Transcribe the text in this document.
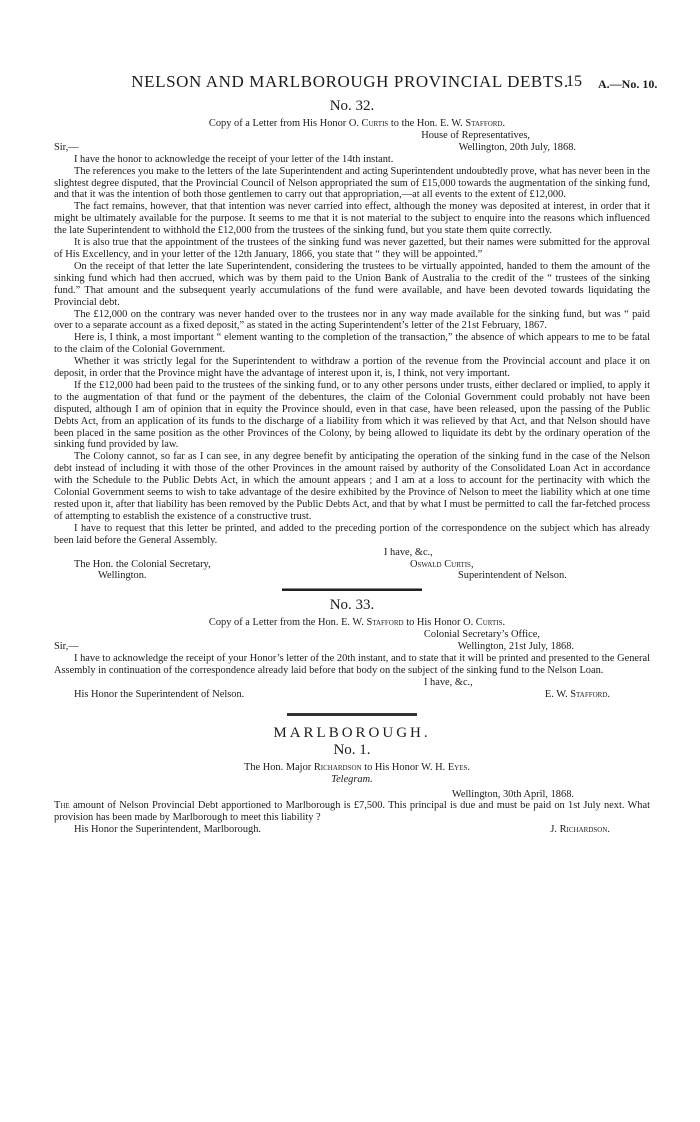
NELSON AND MARLBOROUGH PROVINCIAL DEBTS.
15 A.—No. 10.
No. 32.
Copy of a Letter from His Honor O. Curtis to the Hon. E. W. Stafford.
House of Representatives,
Sir,—	Wellington, 20th July, 1868.

I have the honor to acknowledge the receipt of your letter of the 14th instant.

The references you make to the letters of the late Superintendent and acting Superintendent undoubtedly prove, what has never been in the slightest degree disputed, that the Provincial Council of Nelson appropriated the sum of £15,000 towards the augmentation of the sinking fund, and that it was the intention of both those gentlemen to carry out that appropriation,—at all events to the extent of £12,000.

The fact remains, however, that that intention was never carried into effect, although the money was deposited at interest, in order that it might be ultimately available for the purpose. It seems to me that it is not material to the subject to enquire into the reasons which influenced the late Superintendent to withhold the £12,000 from the trustees of the sinking fund, but you state them quite correctly.

It is also true that the appointment of the trustees of the sinking fund was never gazetted, but their names were submitted for the approval of His Excellency, and in your letter of the 12th January, 1866, you state that “ they will be appointed.”

On the receipt of that letter the late Superintendent, considering the trustees to be virtually appointed, handed to them the amount of the sinking fund which had then accrued, which was by them paid to the Union Bank of Australia to the credit of the “ trustees of the sinking fund.” That amount and the subsequent yearly accumulations of the fund were available, and have been devoted towards liquidating the Provincial debt.

The £12,000 on the contrary was never handed over to the trustees nor in any way made available for the sinking fund, but was “ paid over to a separate account as a fixed deposit,” as stated in the acting Superintendent’s letter of the 21st February, 1867.

Here is, I think, a most important “ element wanting to the completion of the transaction,” the absence of which appears to me to be fatal to the claim of the Colonial Government.

Whether it was strictly legal for the Superintendent to withdraw a portion of the revenue from the Provincial account and place it on deposit, in order that the Province might have the advantage of interest upon it, is, I think, not very important.

If the £12,000 had been paid to the trustees of the sinking fund, or to any other persons under trusts, either declared or implied, to apply it to the augmentation of that fund or the payment of the debentures, the claim of the Colonial Government could probably not have been disputed, although I am of opinion that in equity the Province should, even in that case, have been released, upon the passing of the Public Debts Act, from an application of its funds to the discharge of a liability from which it was relieved by that Act, and that Nelson should have been placed in the same position as the other Provinces of the Colony, by being allowed to liquidate its debt by the ordinary operation of the sinking fund provided by law.

The Colony cannot, so far as I can see, in any degree benefit by anticipating the operation of the sinking fund in the case of the Nelson debt instead of including it with those of the other Provinces in the amount raised by authority of the Consolidated Loan Act in accordance with the Schedule to the Public Debts Act, in which the amount appears ; and I am at a loss to account for the pertinacity with which the Colonial Government seems to wish to take advantage of the desire exhibited by the Province of Nelson to meet the liability which at one time rested upon it, after that liability has been removed by the Public Debts Act, and that by what I must be permitted to call the far-fetched process of attempting to establish the existence of a constructive trust.

I have to request that this letter be printed, and added to the preceding portion of the correspondence on the subject which has already been laid before the General Assembly.

I have, &c.,
The Hon. the Colonial Secretary,	Oswald Curtis,
Wellington.	Superintendent of Nelson.
No. 33.
Copy of a Letter from the Hon. E. W. Stafford to His Honor O. Curtis.
Colonial Secretary’s Office,
Sir,—	Wellington, 21st July, 1868.

I have to acknowledge the receipt of your Honor’s letter of the 20th instant, and to state that it will be printed and presented to the General Assembly in continuation of the correspondence already laid before that body on the subject of the sinking fund to the Nelson Loan.

I have, &c.,
His Honor the Superintendent of Nelson.	E. W. Stafford.
MARLBOROUGH.
No. 1.
The Hon. Major Richardson to His Honor W. H. Eyes.
Telegram.
Wellington, 30th April, 1868.

The amount of Nelson Provincial Debt apportioned to Marlborough is £7,500. This principal is due and must be paid on 1st July next. What provision has been made by Marlborough to meet this liability ?

His Honor the Superintendent, Marlborough.	J. Richardson.
